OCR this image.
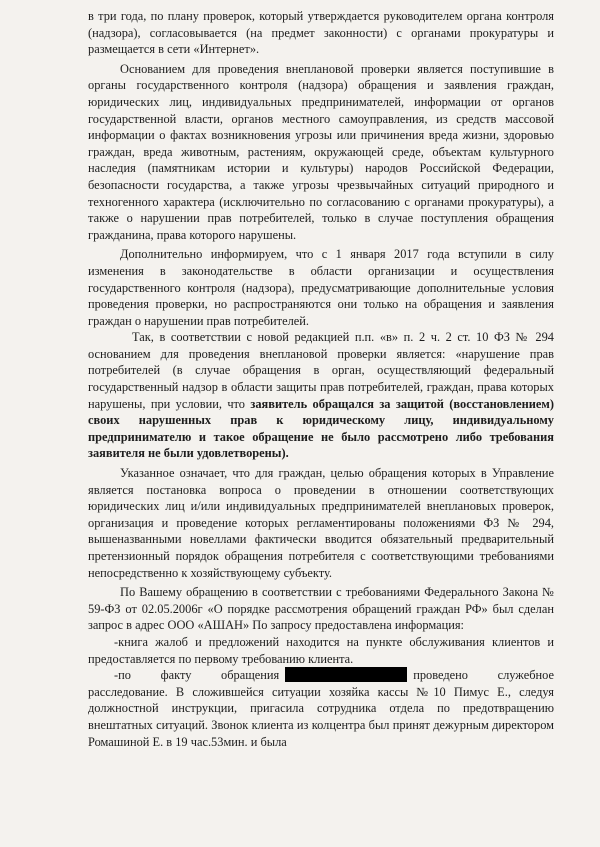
в три года, по плану проверок, который утверждается руководителем органа контроля (надзора), согласовывается (на предмет законности) с органами прокуратуры и размещается в сети «Интернет».

Основанием для проведения внеплановой проверки является поступившие в органы государственного контроля (надзора) обращения и заявления граждан, юридических лиц, индивидуальных предпринимателей, информации от органов государственной власти, органов местного самоуправления, из средств массовой информации о фактах возникновения угрозы или причинения вреда жизни, здоровью граждан, вреда животным, растениям, окружающей среде, объектам культурного наследия (памятникам истории и культуры) народов Российской Федерации, безопасности государства, а также угрозы чрезвычайных ситуаций природного и техногенного характера (исключительно по согласованию с органами прокуратуры), а также о нарушении прав потребителей, только в случае поступления обращения гражданина, права которого нарушены.

Дополнительно информируем, что с 1 января 2017 года вступили в силу изменения в законодательстве в области организации и осуществления государственного контроля (надзора), предусматривающие дополнительные условия проведения проверки, но распространяются они только на обращения и заявления граждан о нарушении прав потребителей.

Так, в соответствии с новой редакцией п.п. «в» п. 2 ч. 2 ст. 10 ФЗ № 294 основанием для проведения внеплановой проверки является: «нарушение прав потребителей (в случае обращения в орган, осуществляющий федеральный государственный надзор в области защиты прав потребителей, граждан, права которых нарушены, при условии, что заявитель обращался за защитой (восстановлением) своих нарушенных прав к юридическому лицу, индивидуальному предпринимателю и такое обращение не было рассмотрено либо требования заявителя не были удовлетворены).

Указанное означает, что для граждан, целью обращения которых в Управление является постановка вопроса о проведении в отношении соответствующих юридических лиц и/или индивидуальных предпринимателей внеплановых проверок, организация и проведение которых регламентированы положениями ФЗ № 294, вышеназванными новеллами фактически вводится обязательный предварительный претензионный порядок обращения потребителя с соответствующими требованиями непосредственно к хозяйствующему субъекту.

По Вашему обращению в соответствии с требованиями Федерального Закона № 59-ФЗ от 02.05.2006г «О порядке рассмотрения обращений граждан РФ» был сделан запрос в адрес ООО «АШАН» По запросу предоставлена информация:

-книга жалоб и предложений находится на пункте обслуживания клиентов и предоставляется по первому требованию клиента.

-по факту обращения	проведено служебное расследование. В сложившейся ситуации хозяйка кассы №10 Пимус Е., следуя должностной инструкции, пригасила сотрудника отдела по предотвращению внештатных ситуаций. Звонок клиента из колцентра был принят дежурным директором Ромашиной Е. в 19 час.53мин. и была
